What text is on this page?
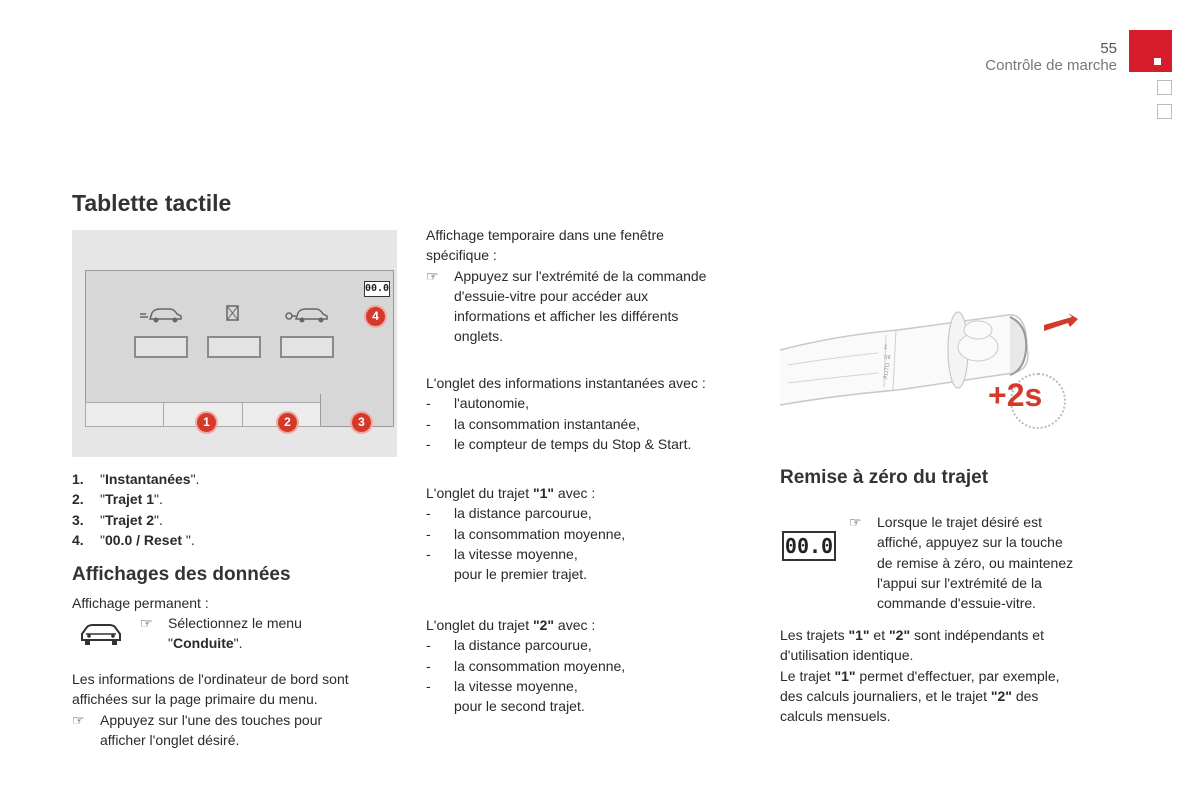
55
Contrôle de marche
Tablette tactile
00.0
1	2	3
4
1. "Instantanées".
2. "Trajet 1".
3. "Trajet 2".
4. "00.0 / Reset ".
Affichages des données
Affichage permanent :
☞ Sélectionnez le menu
"Conduite".
Les informations de l'ordinateur de bord sont
affichées sur la page primaire du menu.
☞ Appuyez sur l'une des touches pour
afficher l'onglet désiré.
Affichage temporaire dans une fenêtre
spécifique :
☞ Appuyez sur l'extrémité de la commande
d'essuie-vitre pour accéder aux
informations et afficher les différents
onglets.
L'onglet des informations instantanées avec :
- l'autonomie,
- la consommation instantanée,
- le compteur de temps du Stop & Start.
L'onglet du trajet "1" avec :
- la distance parcourue,
- la consommation moyenne,
- la vitesse moyenne,
pour le premier trajet.
L'onglet du trajet "2" avec :
- la distance parcourue,
- la consommation moyenne,
- la vitesse moyenne,
pour le second trajet.
AUTO
2
Int
+2s
Remise à zéro du trajet
00.0
☞ Lorsque le trajet désiré est
affiché, appuyez sur la touche
de remise à zéro, ou maintenez
l'appui sur l'extrémité de la
commande d'essuie-vitre.
Les trajets "1" et "2" sont indépendants et
d'utilisation identique.
Le trajet "1" permet d'effectuer, par exemple,
des calculs journaliers, et le trajet "2" des
calculs mensuels.
